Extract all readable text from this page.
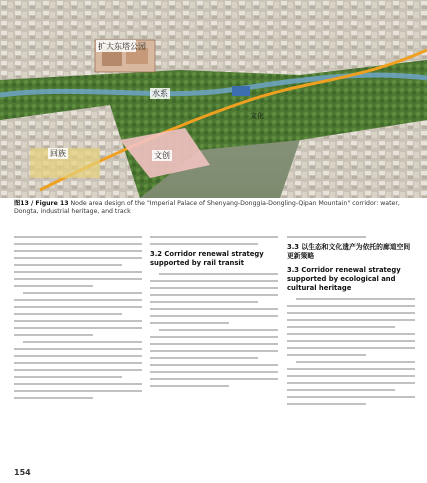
扩大东塔公园
水系
回族	文创
文化
图13 / Figure 13 Node area design of the "Imperial Palace of Shenyang-Donggia-Dongling-Qipan Mountain" corridor: water, Dongta, industrial heritage, and track
3.2 Corridor renewal strategy supported by rail transit
3.3 以生态和文化遗产为依托的廊道空间更新策略
3.3 Corridor renewal strategy supported by ecological and cultural heritage
154
